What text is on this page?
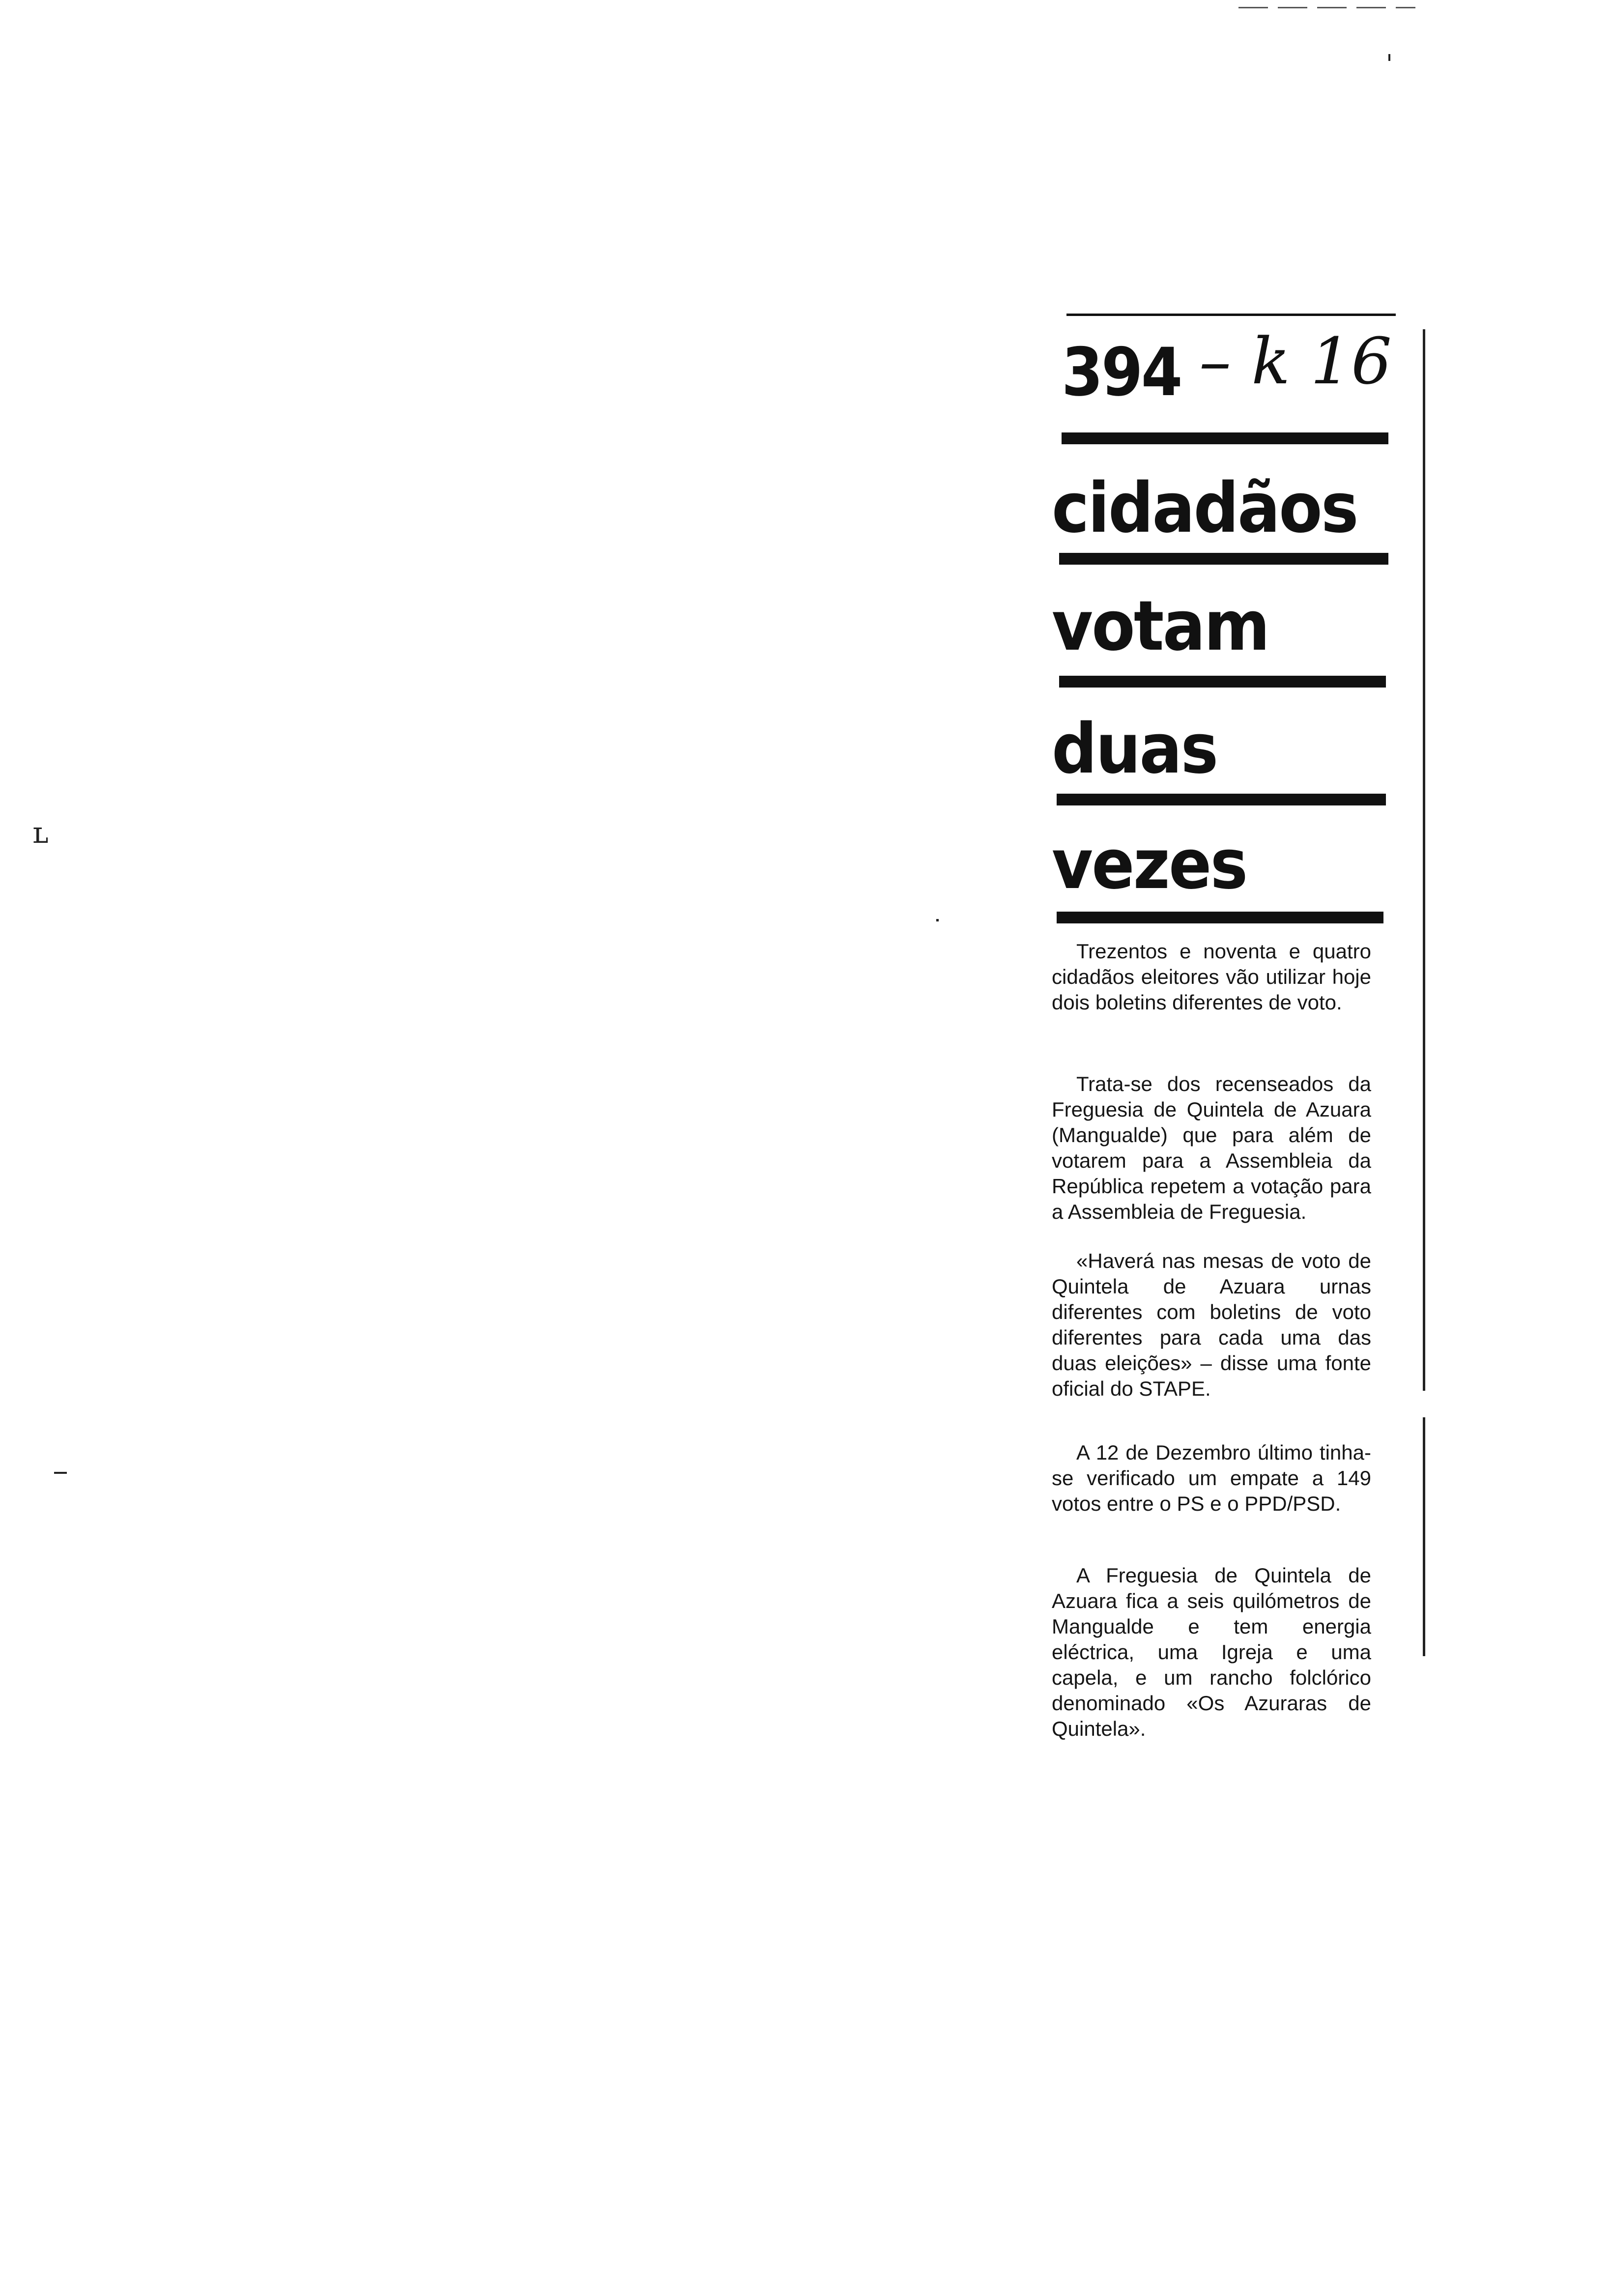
ʟ
394 – k 16
cidadãos
votam
duas
vezes

Trezentos e noventa e quatro cidadãos eleitores vão utilizar hoje dois boletins diferentes de voto.

Trata-se dos recenseados da Freguesia de Quintela de Azuara (Mangualde) que para além de votarem para a Assembleia da República repetem a votação para a Assembleia de Freguesia.

«Haverá nas mesas de voto de Quintela de Azuara urnas diferentes com boletins de voto diferentes para cada uma das duas eleições» – disse uma fonte oficial do STAPE.

A 12 de Dezembro último tinha-se verificado um empate a 149 votos entre o PS e o PPD/PSD.

A Freguesia de Quintela de Azuara fica a seis quilómetros de Mangualde e tem energia eléctrica, uma Igreja e uma capela, e um rancho folclórico denominado «Os Azuraras de Quintela».
